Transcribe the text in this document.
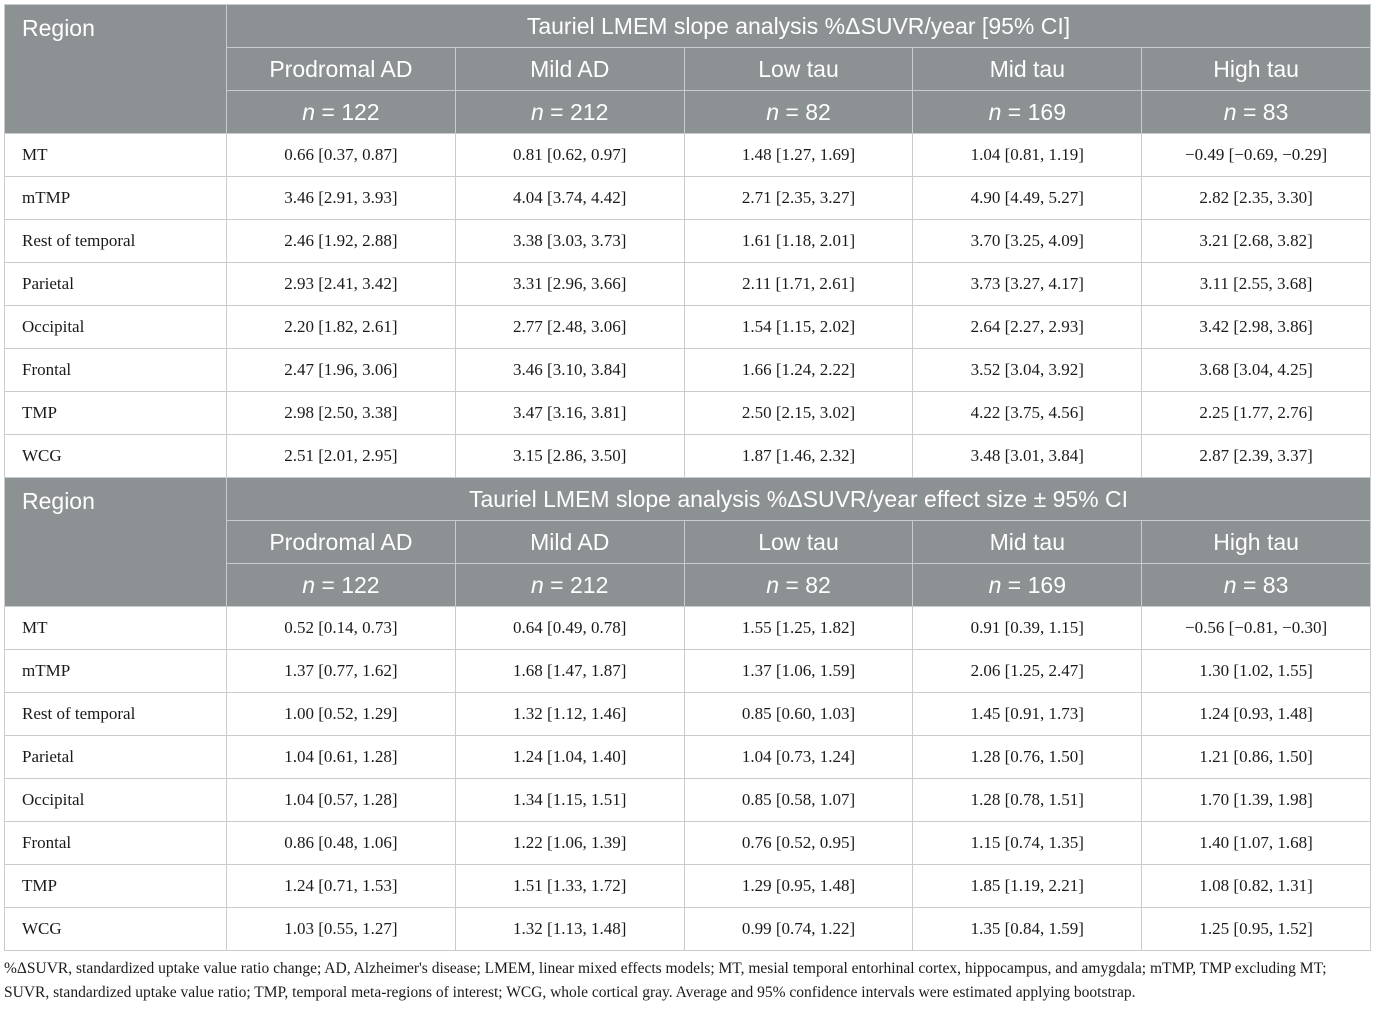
Region	Tauriel LMEM slope analysis %ΔSUVR/year [95% CI]				
	Prodromal AD	Mild AD	Low tau	Mid tau	High tau
	n = 122	n = 212	n = 82	n = 169	n = 83
MT	0.66 [0.37, 0.87]	0.81 [0.62, 0.97]	1.48 [1.27, 1.69]	1.04 [0.81, 1.19]	−0.49 [−0.69, −0.29]
mTMP	3.46 [2.91, 3.93]	4.04 [3.74, 4.42]	2.71 [2.35, 3.27]	4.90 [4.49, 5.27]	2.82 [2.35, 3.30]
Rest of temporal	2.46 [1.92, 2.88]	3.38 [3.03, 3.73]	1.61 [1.18, 2.01]	3.70 [3.25, 4.09]	3.21 [2.68, 3.82]
Parietal	2.93 [2.41, 3.42]	3.31 [2.96, 3.66]	2.11 [1.71, 2.61]	3.73 [3.27, 4.17]	3.11 [2.55, 3.68]
Occipital	2.20 [1.82, 2.61]	2.77 [2.48, 3.06]	1.54 [1.15, 2.02]	2.64 [2.27, 2.93]	3.42 [2.98, 3.86]
Frontal	2.47 [1.96, 3.06]	3.46 [3.10, 3.84]	1.66 [1.24, 2.22]	3.52 [3.04, 3.92]	3.68 [3.04, 4.25]
TMP	2.98 [2.50, 3.38]	3.47 [3.16, 3.81]	2.50 [2.15, 3.02]	4.22 [3.75, 4.56]	2.25 [1.77, 2.76]
WCG	2.51 [2.01, 2.95]	3.15 [2.86, 3.50]	1.87 [1.46, 2.32]	3.48 [3.01, 3.84]	2.87 [2.39, 3.37]
Region	Tauriel LMEM slope analysis %ΔSUVR/year effect size ± 95% CI				
	Prodromal AD	Mild AD	Low tau	Mid tau	High tau
	n = 122	n = 212	n = 82	n = 169	n = 83
MT	0.52 [0.14, 0.73]	0.64 [0.49, 0.78]	1.55 [1.25, 1.82]	0.91 [0.39, 1.15]	−0.56 [−0.81, −0.30]
mTMP	1.37 [0.77, 1.62]	1.68 [1.47, 1.87]	1.37 [1.06, 1.59]	2.06 [1.25, 2.47]	1.30 [1.02, 1.55]
Rest of temporal	1.00 [0.52, 1.29]	1.32 [1.12, 1.46]	0.85 [0.60, 1.03]	1.45 [0.91, 1.73]	1.24 [0.93, 1.48]
Parietal	1.04 [0.61, 1.28]	1.24 [1.04, 1.40]	1.04 [0.73, 1.24]	1.28 [0.76, 1.50]	1.21 [0.86, 1.50]
Occipital	1.04 [0.57, 1.28]	1.34 [1.15, 1.51]	0.85 [0.58, 1.07]	1.28 [0.78, 1.51]	1.70 [1.39, 1.98]
Frontal	0.86 [0.48, 1.06]	1.22 [1.06, 1.39]	0.76 [0.52, 0.95]	1.15 [0.74, 1.35]	1.40 [1.07, 1.68]
TMP	1.24 [0.71, 1.53]	1.51 [1.33, 1.72]	1.29 [0.95, 1.48]	1.85 [1.19, 2.21]	1.08 [0.82, 1.31]
WCG	1.03 [0.55, 1.27]	1.32 [1.13, 1.48]	0.99 [0.74, 1.22]	1.35 [0.84, 1.59]	1.25 [0.95, 1.52]
%ΔSUVR, standardized uptake value ratio change; AD, Alzheimer's disease; LMEM, linear mixed effects models; MT, mesial temporal entorhinal cortex, hippocampus, and amygdala; mTMP, TMP excluding MT; SUVR, standardized uptake value ratio; TMP, temporal meta-regions of interest; WCG, whole cortical gray. Average and 95% confidence intervals were estimated applying bootstrap.
